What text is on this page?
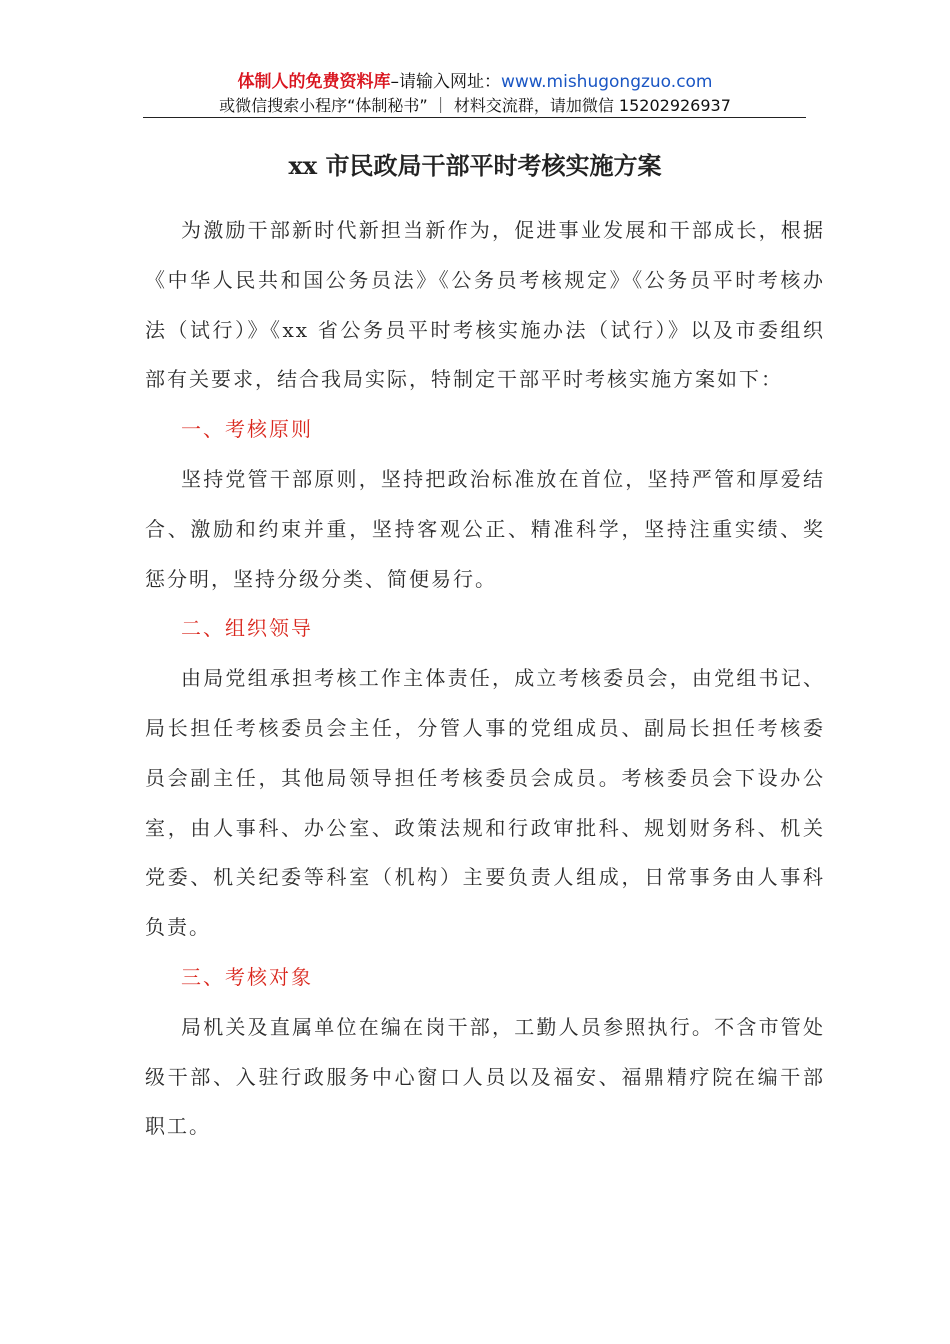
体制人的免费资料库–请输入网址：www.mishugongzuo.com
或微信搜索小程序“体制秘书” ｜ 材料交流群，请加微信 15202926937
xx 市民政局干部平时考核实施方案

为激励干部新时代新担当新作为，促进事业发展和干部成长，根据《中华人民共和国公务员法》《公务员考核规定》《公务员平时考核办法（试行）》《xx 省公务员平时考核实施办法（试行）》以及市委组织部有关要求，结合我局实际，特制定干部平时考核实施方案如下：

一、考核原则

坚持党管干部原则，坚持把政治标准放在首位，坚持严管和厚爱结合、激励和约束并重，坚持客观公正、精准科学，坚持注重实绩、奖惩分明，坚持分级分类、简便易行。

二、组织领导

由局党组承担考核工作主体责任，成立考核委员会，由党组书记、局长担任考核委员会主任，分管人事的党组成员、副局长担任考核委员会副主任，其他局领导担任考核委员会成员。考核委员会下设办公室，由人事科、办公室、政策法规和行政审批科、规划财务科、机关党委、机关纪委等科室（机构）主要负责人组成，日常事务由人事科负责。

三、考核对象

局机关及直属单位在编在岗干部，工勤人员参照执行。不含市管处级干部、入驻行政服务中心窗口人员以及福安、福鼎精疗院在编干部职工。
